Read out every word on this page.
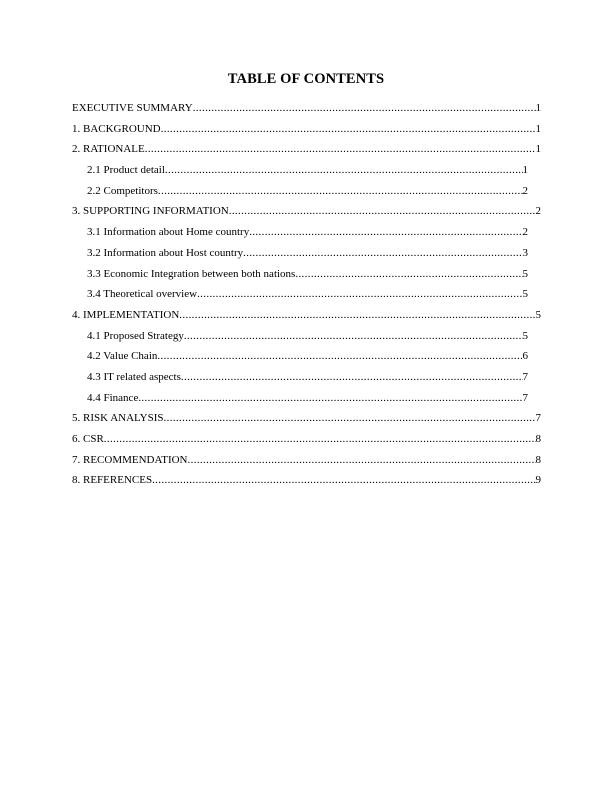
TABLE OF CONTENTS
EXECUTIVE SUMMARY .....	1
1. BACKGROUND .....	1
2. RATIONALE .....	1
2.1 Product detail .....	1
2.2 Competitors .....	2
3. SUPPORTING INFORMATION .....	2
3.1 Information about Home country .....	2
3.2 Information about Host country .....	3
3.3 Economic Integration between both nations .....	5
3.4 Theoretical overview .....	5
4. IMPLEMENTATION .....	5
4.1 Proposed Strategy .....	5
4.2 Value Chain .....	6
4.3 IT related aspects .....	7
4.4 Finance .....	7
5. RISK ANALYSIS .....	7
6. CSR .....	8
7. RECOMMENDATION .....	8
8. REFERENCES .....	9
